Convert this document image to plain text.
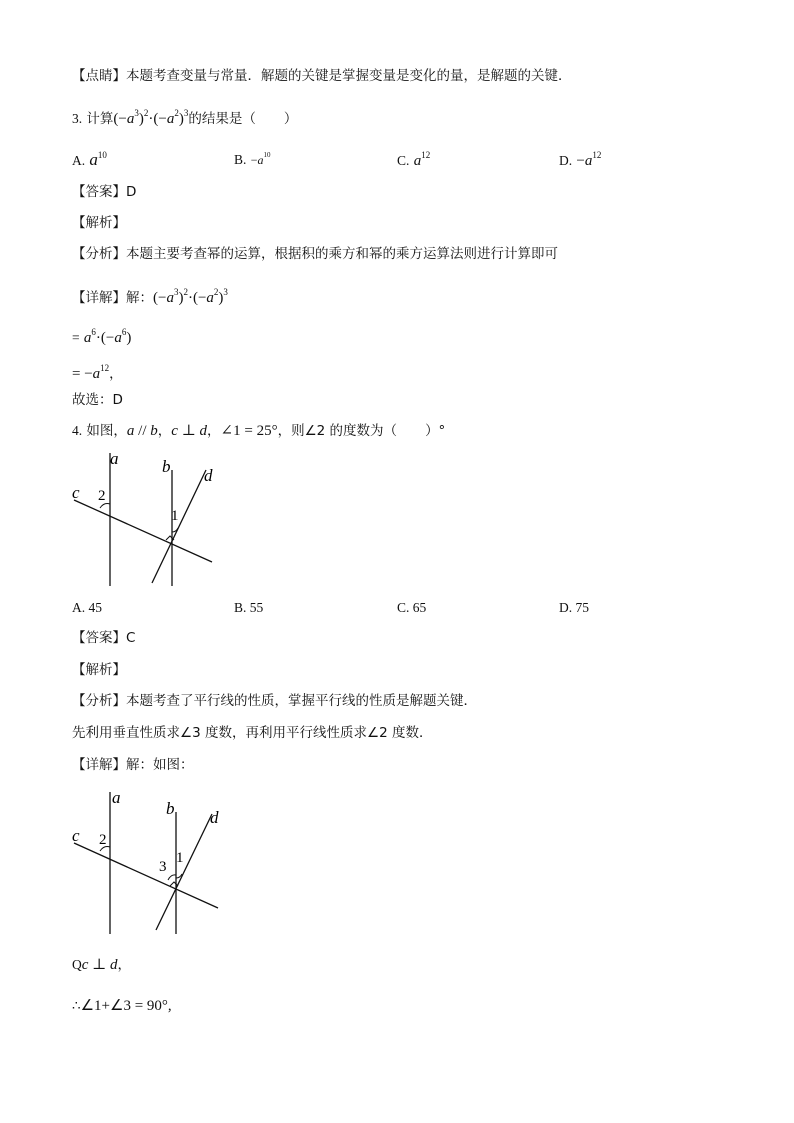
【点睛】本题考查变量与常量．解题的关键是掌握变量是变化的量，是解题的关键．
3. 计算$(-a^3)^2\cdot(-a^2)^3$的结果是（ ）
A. $a^{10}$	B. $-a^{10}$	C. $a^{12}$	D. $-a^{12}$
【答案】D
【解析】
【分析】本题主要考查幂的运算，根据积的乘方和幂的乘方运算法则进行计算即可
【详解】解：$(-a^3)^2\cdot(-a^2)^3$
= $a^6\cdot(-a^6)$
= $-a^{12}$，
故选：D
4. 如图，a // b，c ⊥ d，∠1 = 25°，则∠2 的度数为（ ）°
a	b
c
d
2
1
A. 45	B. 55	C. 65	D. 75
【答案】C
【解析】
【分析】本题考查了平行线的性质，掌握平行线的性质是解题关键．
先利用垂直性质求∠3 度数，再利用平行线性质求∠2 度数．
【详解】解：如图：
a
b
c
d
2
1
3
Qc ⊥ d，
∴∠1+∠3 = 90°,
